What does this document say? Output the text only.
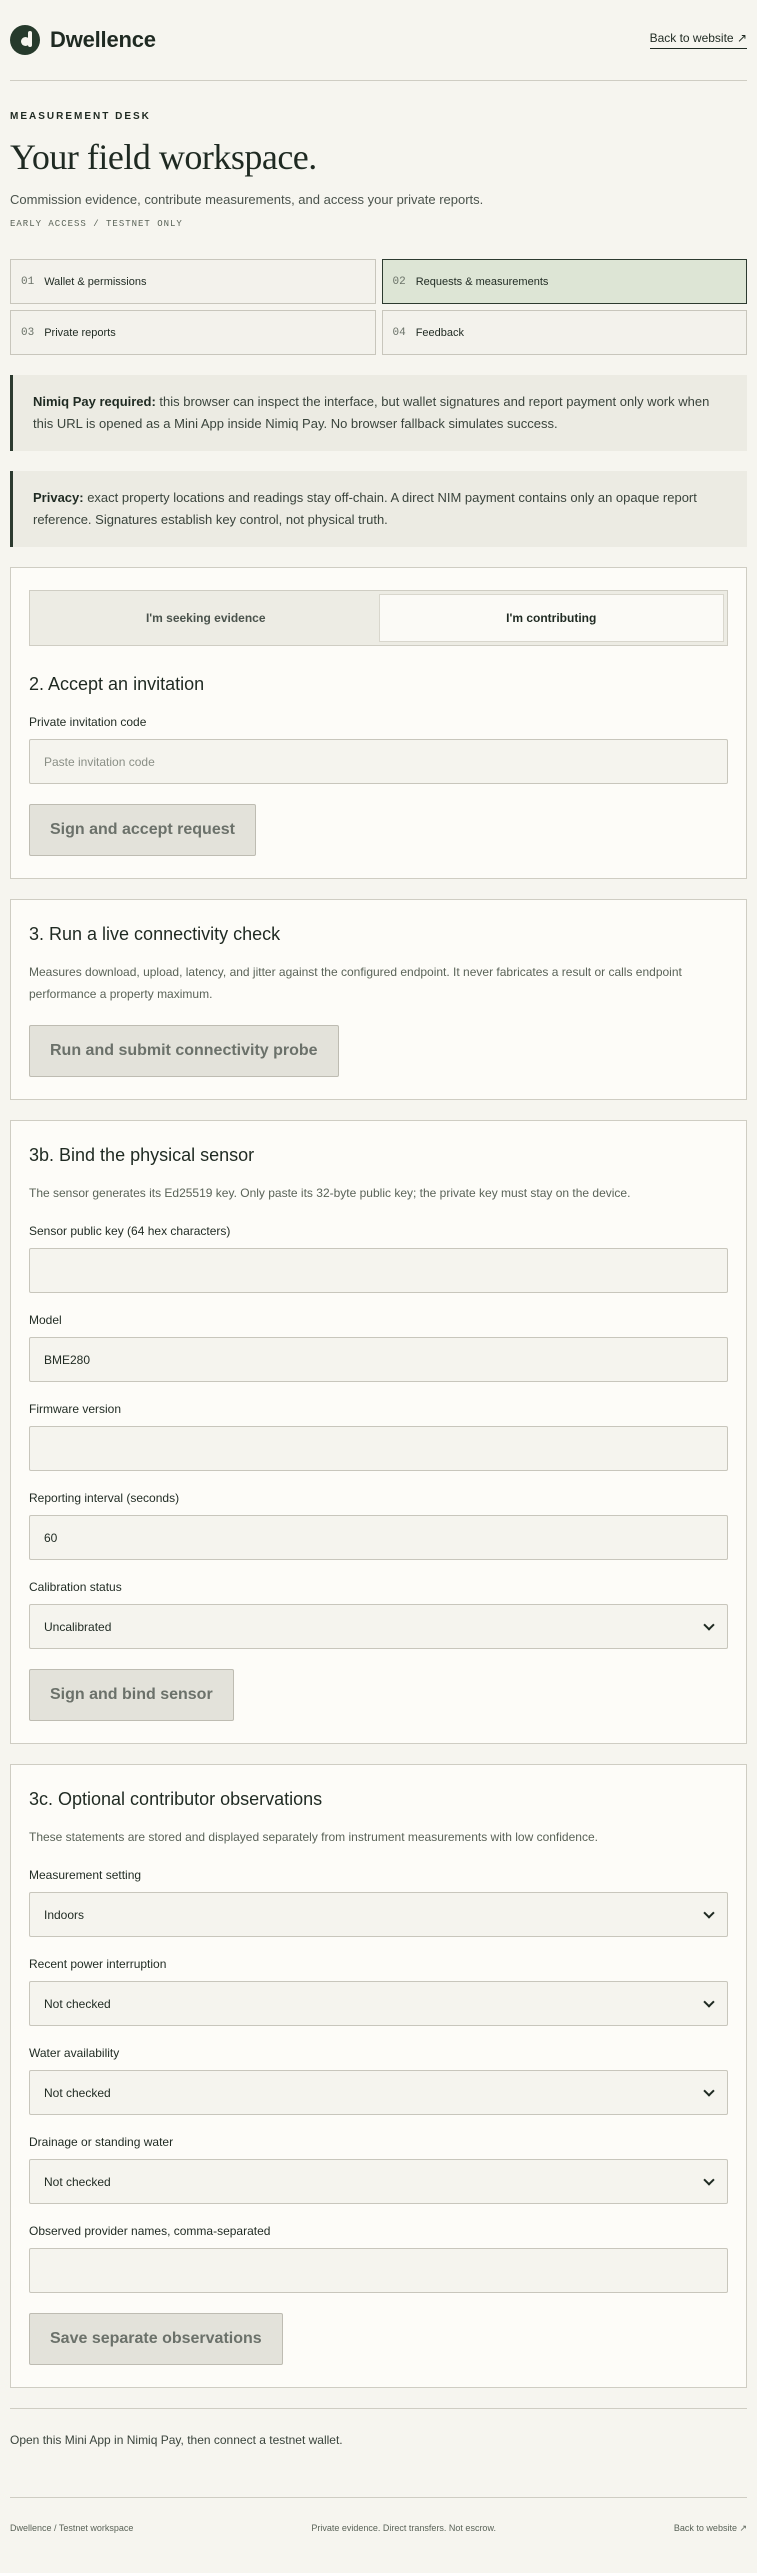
Dwellence	Back to website ↗
MEASUREMENT DESK
Your field workspace.

Commission evidence, contribute measurements, and access your private reports.

EARLY ACCESS / TESTNET ONLY
01 Wallet & permissions	02 Requests & measurements
03 Private reports	04 Feedback
Nimiq Pay required: this browser can inspect the interface, but wallet signatures and report payment only work when this URL is opened as a Mini App inside Nimiq Pay. No browser fallback simulates success.
Privacy: exact property locations and readings stay off-chain. A direct NIM payment contains only an opaque report reference. Signatures establish key control, not physical truth.
I'm seeking evidence	I'm contributing
2. Accept an invitation
Private invitation code
Paste invitation code
Sign and accept request
3. Run a live connectivity check

Measures download, upload, latency, and jitter against the configured endpoint. It never fabricates a result or calls endpoint performance a property maximum.

Run and submit connectivity probe
3b. Bind the physical sensor

The sensor generates its Ed25519 key. Only paste its 32-byte public key; the private key must stay on the device.

Sensor public key (64 hex characters)
Model
BME280
Firmware version
Reporting interval (seconds)
60
Calibration status
Uncalibrated
Sign and bind sensor
3c. Optional contributor observations

These statements are stored and displayed separately from instrument measurements with low confidence.

Measurement setting
Indoors
Recent power interruption
Not checked
Water availability
Not checked
Drainage or standing water
Not checked
Observed provider names, comma-separated
Save separate observations

Open this Mini App in Nimiq Pay, then connect a testnet wallet.

Dwellence / Testnet workspace	Private evidence. Direct transfers. Not escrow.	Back to website ↗
